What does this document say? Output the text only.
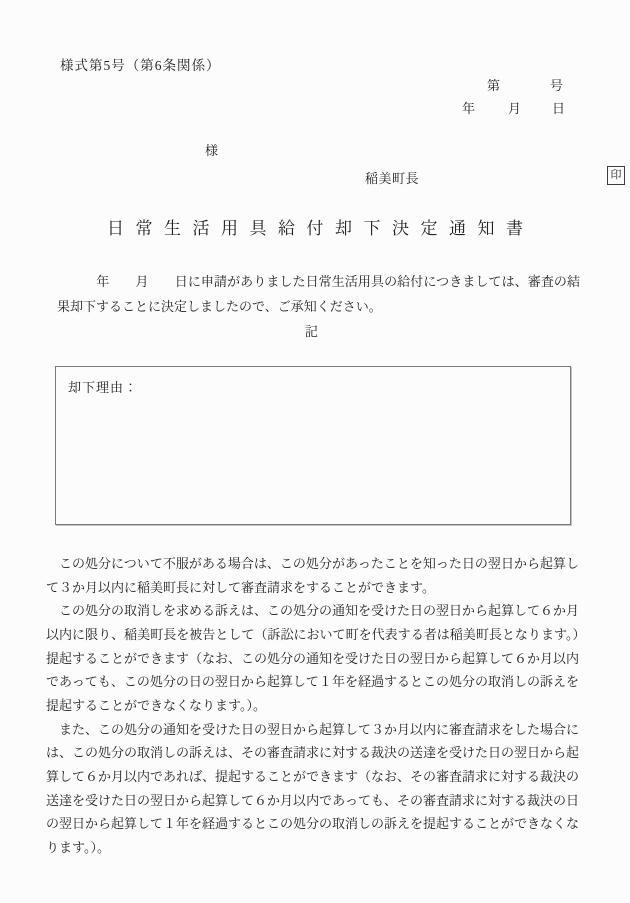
様式第5号（第6条関係）
第	号
年	月 日
様
稲美町長	印
日常生活用具給付却下決定通知書

　　　年　　月　　日に申請がありました日常生活用具の給付につきましては、審査の結果却下することに決定しましたので、ご承知ください。

記
却下理由：

　この処分について不服がある場合は、この処分があったことを知った日の翌日から起算して３か月以内に稲美町長に対して審査請求をすることができます。

　この処分の取消しを求める訴えは、この処分の通知を受けた日の翌日から起算して６か月以内に限り、稲美町長を被告として（訴訟において町を代表する者は稲美町長となります。）提起することができます（なお、この処分の通知を受けた日の翌日から起算して６か月以内であっても、この処分の日の翌日から起算して１年を経過するとこの処分の取消しの訴えを提起することができなくなります。）。

　また、この処分の通知を受けた日の翌日から起算して３か月以内に審査請求をした場合には、この処分の取消しの訴えは、その審査請求に対する裁決の送達を受けた日の翌日から起算して６か月以内であれば、提起することができます（なお、その審査請求に対する裁決の送達を受けた日の翌日から起算して６か月以内であっても、その審査請求に対する裁決の日の翌日から起算して１年を経過するとこの処分の取消しの訴えを提起することができなくなります。）。
